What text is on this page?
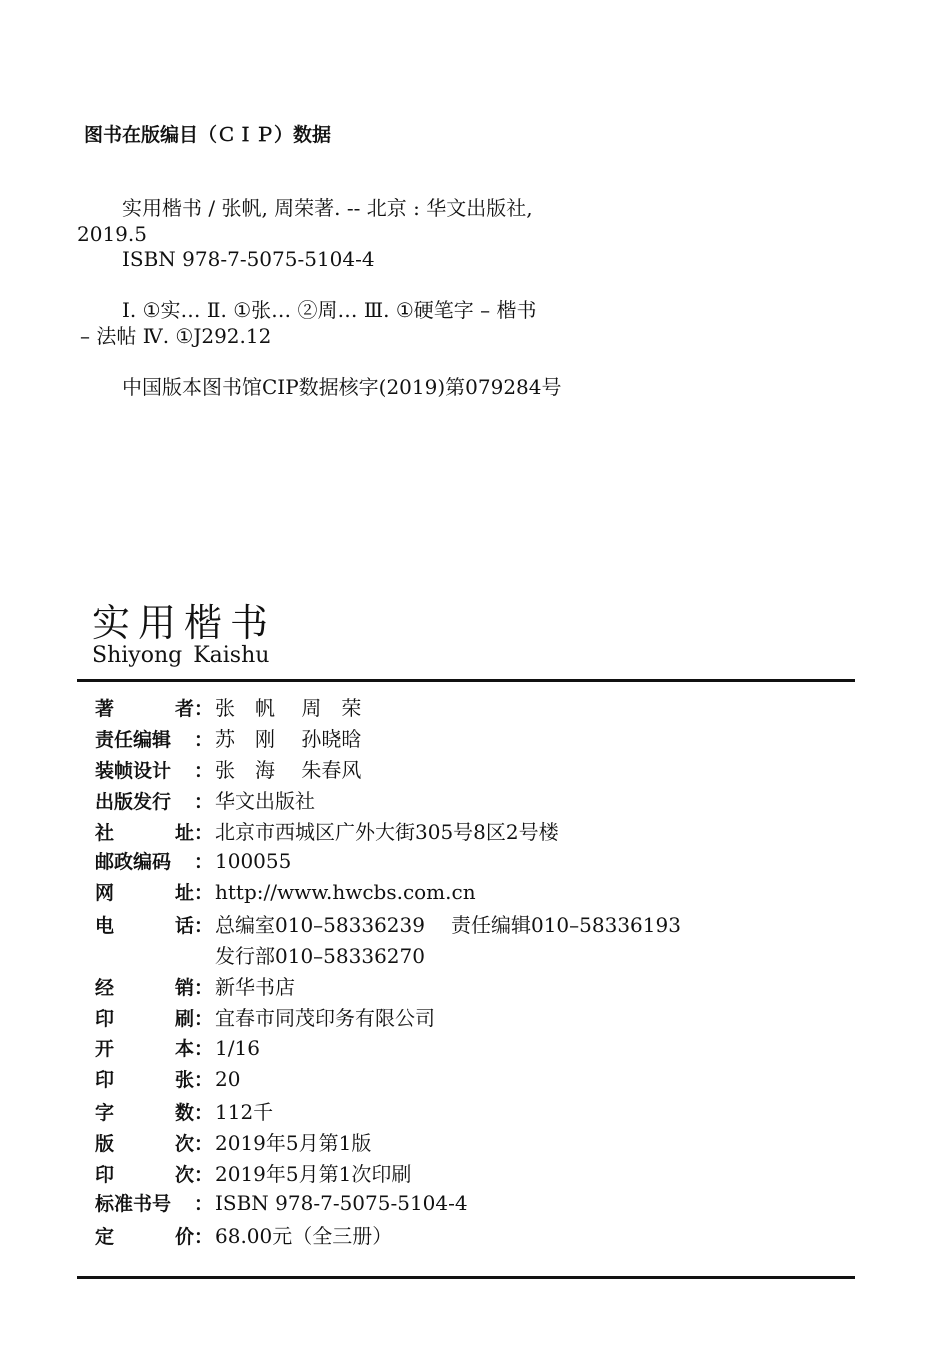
图书在版编目（ＣＩＰ）数据
实用楷书 / 张帆, 周荣著. -- 北京 : 华文出版社,
2019.5
ISBN 978-7-5075-5104-4
Ⅰ. ①实… Ⅱ. ①张… ②周… Ⅲ. ①硬笔字 – 楷书
– 法帖 Ⅳ. ①J292.12
中国版本图书馆CIP数据核字(2019)第079284号
实用楷书
Shiyong Kaishu
著	者： 张　帆　 周　荣
责任编辑 ： 苏　刚　 孙晓晗
装帧设计 ： 张　海　 朱春风
出版发行 ： 华文出版社
社	址： 北京市西城区广外大街305号8区2号楼
邮政编码 ： 100055
网	址： http://www.hwcbs.com.cn
电	话： 总编室010–58336239 责任编辑010–58336193
发行部010–58336270
经	销： 新华书店
印	刷： 宜春市同茂印务有限公司
开	本： 1/16
印	张： 20
字	数： 112千
版	次： 2019年5月第1版
印	次： 2019年5月第1次印刷
标准书号 ： ISBN 978-7-5075-5104-4
定	价： 68.00元（全三册）
